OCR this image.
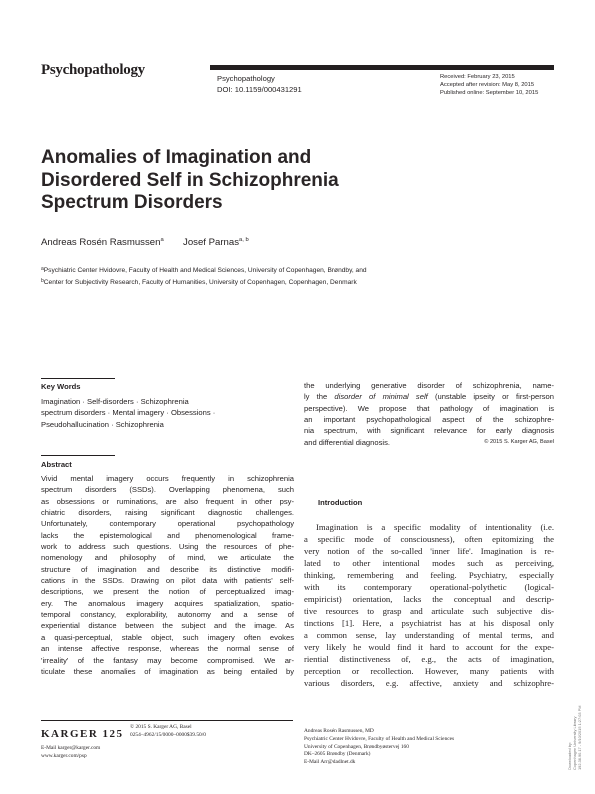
Psychopathology
Psychopathology
DOI: 10.1159/000431291
Received: February 23, 2015
Accepted after revision: May 8, 2015
Published online: September 10, 2015
Anomalies of Imagination and
Disordered Self in Schizophrenia
Spectrum Disorders
Andreas Rosén Rasmussen$^a$ Josef Parnas$^{a, b}$
$^a$Psychiatric Center Hvidovre, Faculty of Health and Medical Sciences, University of Copenhagen, Brøndby, and
$^b$Center for Subjectivity Research, Faculty of Humanities, University of Copenhagen, Copenhagen, Denmark
Key Words
Imagination · Self-disorders · Schizophrenia
spectrum disorders · Mental imagery · Obsessions ·
Pseudohallucination · Schizophrenia
Abstract
Vivid mental imagery occurs frequently in schizophrenia
spectrum disorders (SSDs). Overlapping phenomena, such
as obsessions or ruminations, are also frequent in other psy-
chiatric disorders, raising significant diagnostic challenges.
Unfortunately, contemporary operational psychopathology
lacks the epistemological and phenomenological frame-
work to address such questions. Using the resources of phe-
nomenology and philosophy of mind, we articulate the
structure of imagination and describe its distinctive modifi-
cations in the SSDs. Drawing on pilot data with patients' self-
descriptions, we present the notion of perceptualized imag-
ery. The anomalous imagery acquires spatialization, spatio-
temporal constancy, explorability, autonomy and a sense of
experiential distance between the subject and the image. As
a quasi-perceptual, stable object, such imagery often evokes
an intense affective response, whereas the normal sense of
'irreality' of the fantasy may become compromised. We ar-
ticulate these anomalies of imagination as being entailed by
the underlying generative disorder of schizophrenia, name-
ly the disorder of minimal self (unstable ipseity or first-person
perspective). We propose that pathology of imagination is
an important psychopathological aspect of the schizophre-
nia spectrum, with significant relevance for early diagnosis
and differential diagnosis.	© 2015 S. Karger AG, Basel
Introduction
Imagination is a specific modality of intentionality (i.e.
a specific mode of consciousness), often epitomizing the
very notion of the so-called 'inner life'. Imagination is re-
lated to other intentional modes such as perceiving,
thinking, remembering and feeling. Psychiatry, especially
with its contemporary operational-polythetic (logical-
empiricist) orientation, lacks the conceptual and descrip-
tive resources to grasp and articulate such subjective dis-
tinctions [1]. Here, a psychiatrist has at his disposal only
a common sense, lay understanding of mental terms, and
very likely he would find it hard to account for the expe-
riential distinctiveness of, e.g., the acts of imagination,
perception or recollection. However, many patients with
various disorders, e.g. affective, anxiety and schizophre-
KARGER 125
E-Mail karger@karger.com
www.karger.com/psp
© 2015 S. Karger AG, Basel
0254–4962/15/0000–0000$39.50/0
Andreas Rosén Rasmussen, MD
Psychiatric Center Hvidovre, Faculty of Health and Medical Sciences
University of Copenhagen, Brøndbyøstervej 160
DK–2605 Brøndby (Denmark)
E-Mail Arr@dadlnet.dk	Downloaded by: Copenhagen University Library 192.38.90.17 - 9/10/2015 1:27:03 PM
